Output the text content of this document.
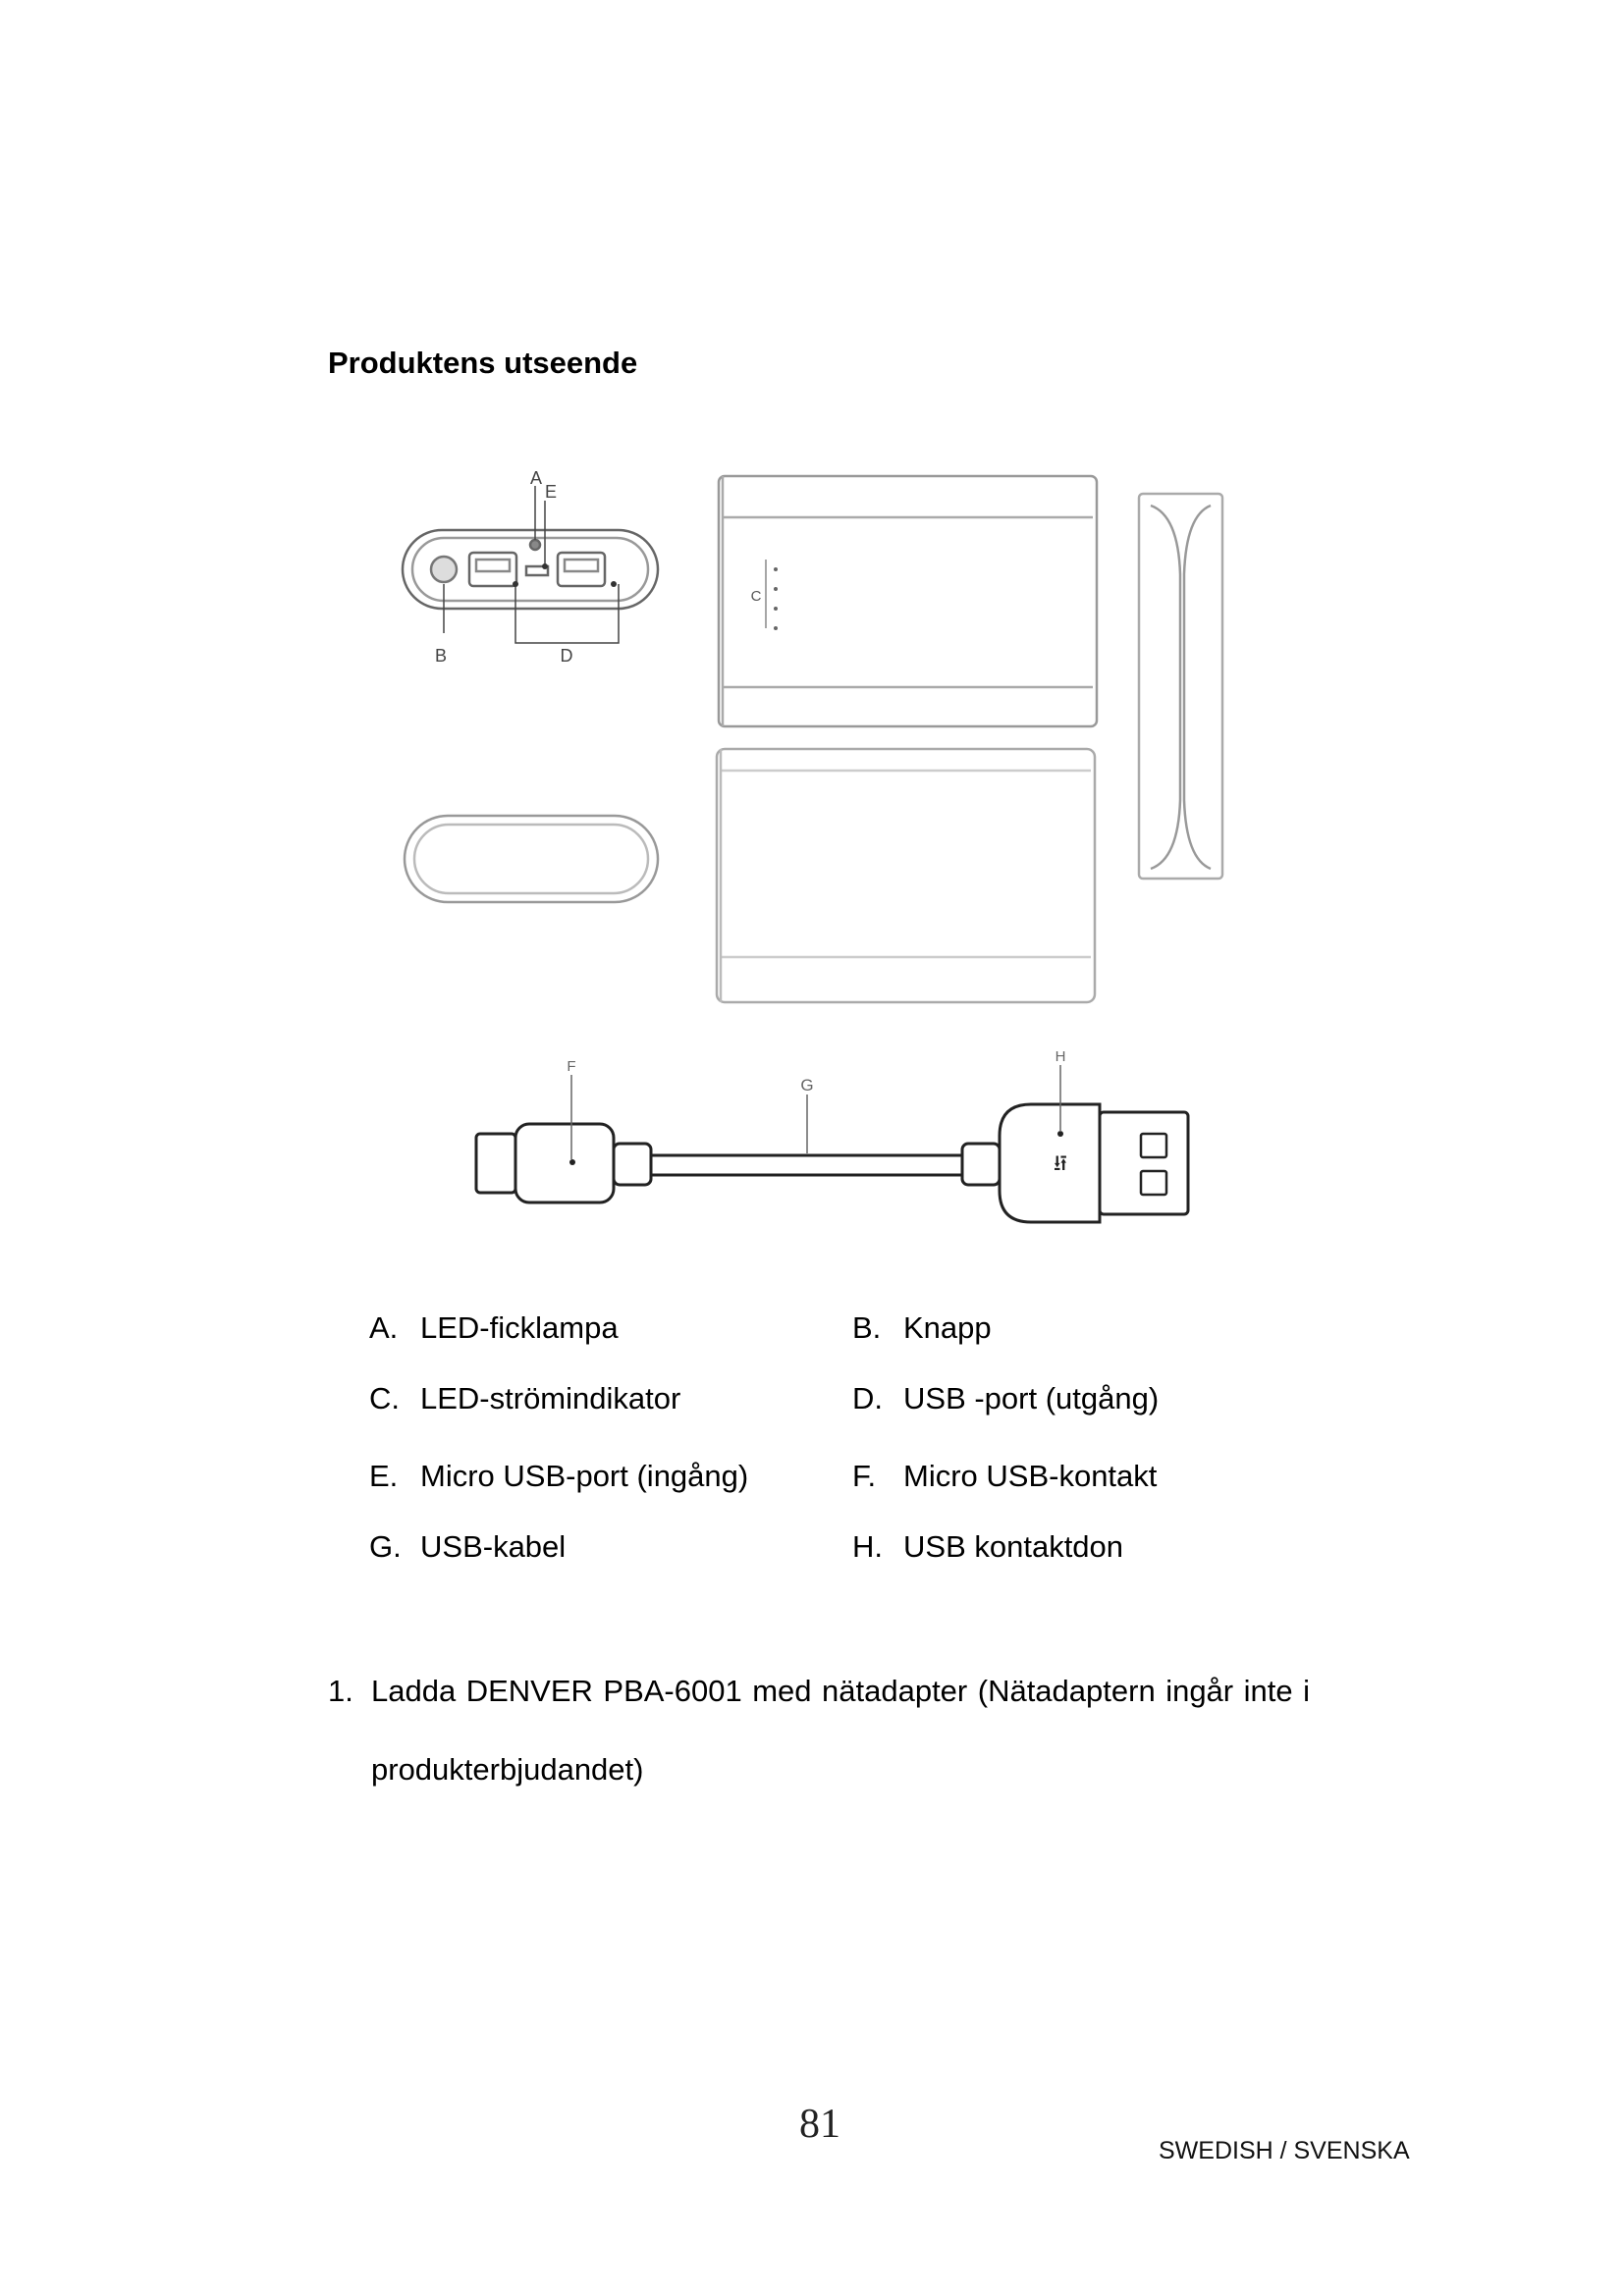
Produktens utseende
A
E
B	D
C
⭿
F
G
H
A. LED-ficklampa	B. Knapp
C. LED-strömindikator	D. USB -port (utgång)
E. Micro USB-port (ingång)	F. Micro USB-kontakt
G. USB-kabel	H. USB kontaktdon
1. Ladda DENVER PBA-6001 med nätadapter (Nätadaptern ingår inte i produkterbjudandet)
81
SWEDISH / SVENSKA
